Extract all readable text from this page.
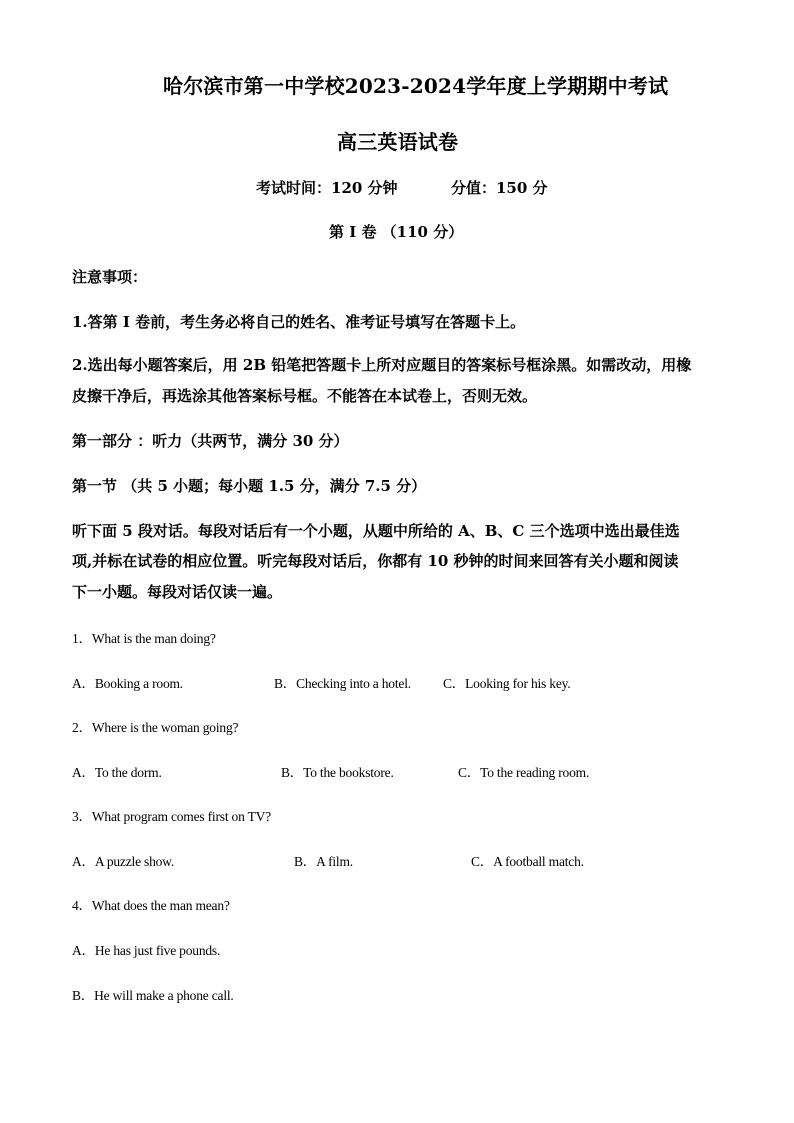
哈尔滨市第一中学校2023-2024学年度上学期期中考试
高三英语试卷
考试时间：120 分钟	分值：150 分
第 I 卷 （110 分）
注意事项：
1.答第 I 卷前，考生务必将自己的姓名、准考证号填写在答题卡上。
2.选出每小题答案后，用 2B 铅笔把答题卡上所对应题目的答案标号框涂黑。如需改动，用橡
皮擦干净后，再选涂其他答案标号框。不能答在本试卷上，否则无效。
第一部分 ：听力（共两节，满分 30 分）
第一节 （共 5 小题；每小题 1.5 分，满分 7.5 分）
听下面 5 段对话。每段对话后有一个小题，从题中所给的 A、B、C 三个选项中选出最佳选
项,并标在试卷的相应位置。听完每段对话后，你都有 10 秒钟的时间来回答有关小题和阅读
下一小题。每段对话仅读一遍。
1．What is the man doing?
A．Booking a room.	B．Checking into a hotel. C．Looking for his key.
2．Where is the woman going?
A．To the dorm.	B．To the bookstore.	C．To the reading room.
3．What program comes first on TV?
A．A puzzle show.	B．A film.	C．A football match.
4．What does the man mean?
A．He has just five pounds.
B．He will make a phone call.
